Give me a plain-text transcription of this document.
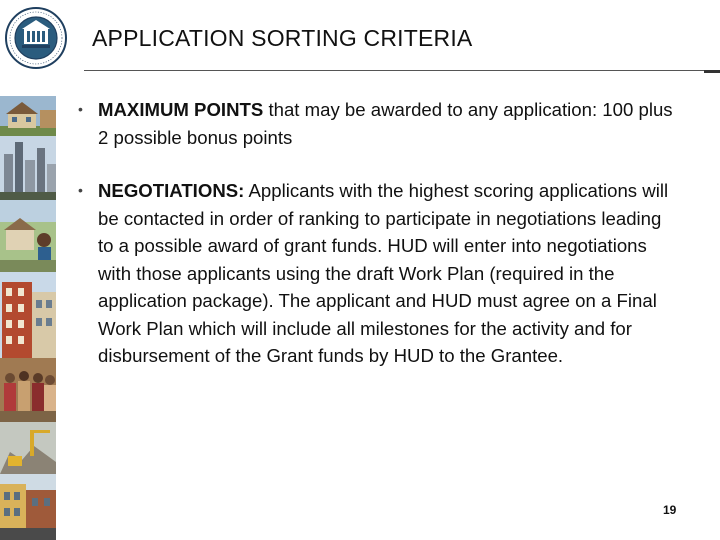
APPLICATION SORTING CRITERIA
• MAXIMUM POINTS that may be awarded to any application: 100 plus 2 possible bonus points
• NEGOTIATIONS: Applicants with the highest scoring applications will be contacted in order of ranking to participate in negotiations leading to a possible award of grant funds. HUD will enter into negotiations with those applicants using the draft Work Plan (required in the application package). The applicant and HUD must agree on a Final Work Plan which will include all milestones for the activity and for disbursement of the Grant funds by HUD to the Grantee.
19
